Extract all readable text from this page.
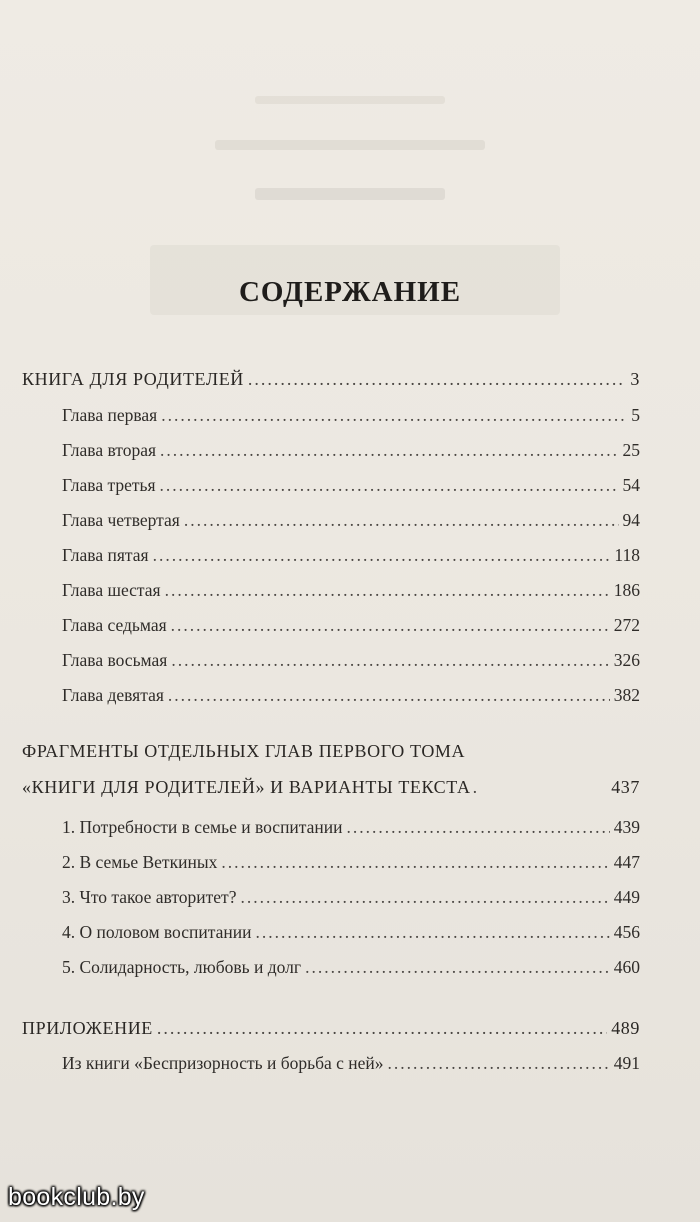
СОДЕРЖАНИЕ
КНИГА ДЛЯ РОДИТЕЛЕЙ .....	3
Глава первая .....	5
Глава вторая .....	25
Глава третья .....	54
Глава четвертая .....	94
Глава пятая .....	118
Глава шестая .....	186
Глава седьмая .....	272
Глава восьмая .....	326
Глава девятая .....	382
ФРАГМЕНТЫ ОТДЕЛЬНЫХ ГЛАВ ПЕРВОГО ТОМА
«КНИГИ ДЛЯ РОДИТЕЛЕЙ» И ВАРИАНТЫ ТЕКСТА .....	437
1. Потребности в семье и воспитании .....	439
2. В семье Веткиных .....	447
3. Что такое авторитет? .....	449
4. О половом воспитании .....	456
5. Солидарность, любовь и долг .....	460
ПРИЛОЖЕНИЕ .....	489
Из книги «Беспризорность и борьба с ней» .....	491
bookclub.by
